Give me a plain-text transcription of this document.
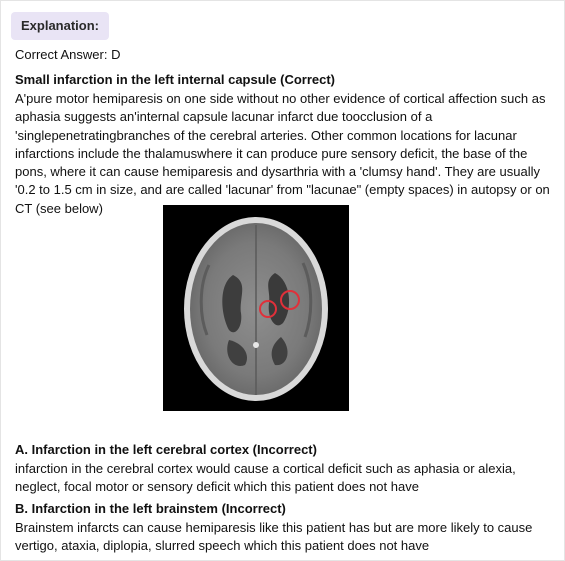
Explanation:
Correct Answer: D
Small infarction in the left internal capsule (Correct)

A'pure motor hemiparesis on one side without no other evidence of cortical affection such as aphasia suggests an'internal capsule lacunar infarct due toocclusion of a 'singlepenetratingbranches of the cerebral arteries. Other common locations for lacunar infarctions include the thalamuswhere it can produce pure sensory deficit, the base of the pons, where it can cause hemiparesis and dysarthria with a 'clumsy hand'. They are usually '0.2 to 1.5 cm in size, and are called 'lacunar' from "lacunae" (empty spaces) in autopsy or on CT (see below)

A. Infarction in the left cerebral cortex (Incorrect)

infarction in the cerebral cortex would cause a cortical deficit such as aphasia or alexia, neglect, focal motor or sensory deficit which this patient does not have

B. Infarction in the left brainstem (Incorrect)

Brainstem infarcts can cause hemiparesis like this patient has but are more likely to cause vertigo, ataxia, diplopia, slurred speech which this patient does not have
